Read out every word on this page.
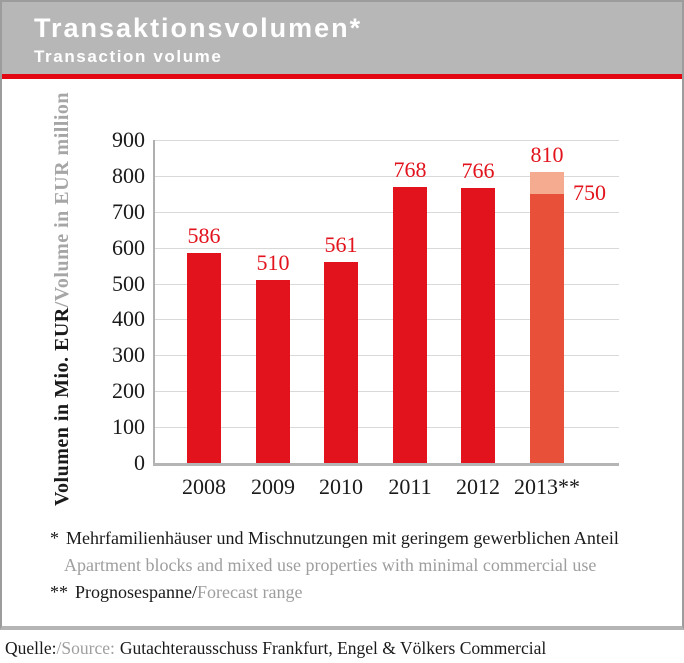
Transaktionsvolumen*
Transaction volume
Volumen in Mio. EUR/Volume in EUR million
0
100
200
300
400
500
600
700
800
900
586
2008
510
2009
561
2010
768
2011
766
2012
810
750
2013**
* Mehrfamilienhäuser und Mischnutzungen mit geringem gewerblichen Anteil
Apartment blocks and mixed use properties with minimal commercial use
** Prognosespanne/Forecast range
Quelle:/Source: Gutachterausschuss Frankfurt, Engel & Völkers Commercial
